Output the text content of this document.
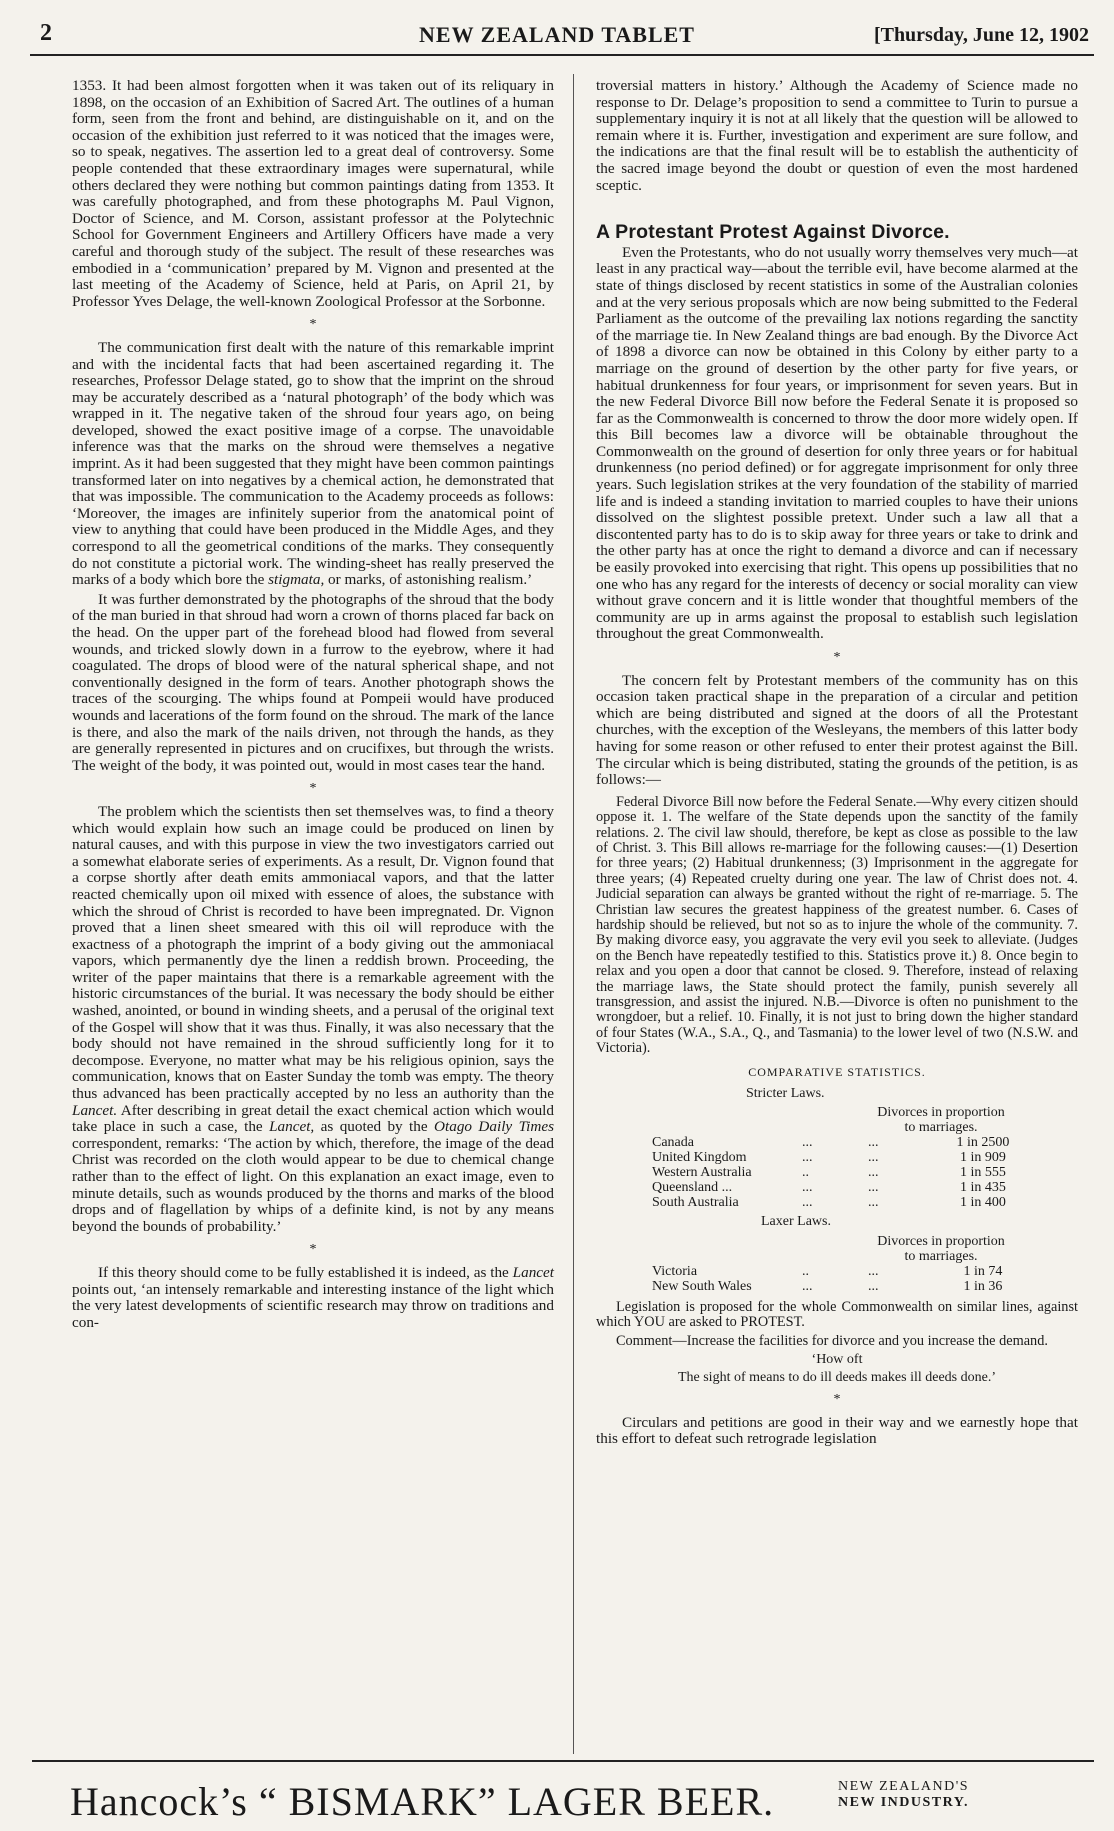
2	NEW ZEALAND TABLET	[Thursday, June 12, 1902

1353. It had been almost forgotten when it was taken out of its reliquary in 1898, on the occasion of an Exhibition of Sacred Art. The outlines of a human form, seen from the front and behind, are distinguishable on it, and on the occasion of the exhibition just referred to it was noticed that the images were, so to speak, negatives. The assertion led to a great deal of controversy. Some people contended that these extraordinary images were supernatural, while others declared they were nothing but common paintings dating from 1353. It was carefully photographed, and from these photographs M. Paul Vignon, Doctor of Science, and M. Corson, assistant professor at the Polytechnic School for Government Engineers and Artillery Officers have made a very careful and thorough study of the subject. The result of these researches was embodied in a ‘communication’ prepared by M. Vignon and presented at the last meeting of the Academy of Science, held at Paris, on April 21, by Professor Yves Delage, the well-known Zoological Professor at the Sorbonne.

*

The communication first dealt with the nature of this remarkable imprint and with the incidental facts that had been ascertained regarding it. The researches, Professor Delage stated, go to show that the imprint on the shroud may be accurately described as a ‘natural photograph’ of the body which was wrapped in it. The negative taken of the shroud four years ago, on being developed, showed the exact positive image of a corpse. The unavoidable inference was that the marks on the shroud were themselves a negative imprint. As it had been suggested that they might have been common paintings transformed later on into negatives by a chemical action, he demonstrated that that was impossible. The communication to the Academy proceeds as follows: ‘Moreover, the images are infinitely superior from the anatomical point of view to anything that could have been produced in the Middle Ages, and they correspond to all the geometrical conditions of the marks. They consequently do not constitute a pictorial work. The winding-sheet has really preserved the marks of a body which bore the stigmata, or marks, of astonishing realism.’

It was further demonstrated by the photographs of the shroud that the body of the man buried in that shroud had worn a crown of thorns placed far back on the head. On the upper part of the forehead blood had flowed from several wounds, and tricked slowly down in a furrow to the eyebrow, where it had coagulated. The drops of blood were of the natural spherical shape, and not conventionally designed in the form of tears. Another photograph shows the traces of the scourging. The whips found at Pompeii would have produced wounds and lacerations of the form found on the shroud. The mark of the lance is there, and also the mark of the nails driven, not through the hands, as they are generally represented in pictures and on crucifixes, but through the wrists. The weight of the body, it was pointed out, would in most cases tear the hand.

*

The problem which the scientists then set themselves was, to find a theory which would explain how such an image could be produced on linen by natural causes, and with this purpose in view the two investigators carried out a somewhat elaborate series of experiments. As a result, Dr. Vignon found that a corpse shortly after death emits ammoniacal vapors, and that the latter reacted chemically upon oil mixed with essence of aloes, the substance with which the shroud of Christ is recorded to have been impregnated. Dr. Vignon proved that a linen sheet smeared with this oil will reproduce with the exactness of a photograph the imprint of a body giving out the ammoniacal vapors, which permanently dye the linen a reddish brown. Proceeding, the writer of the paper maintains that there is a remarkable agreement with the historic circumstances of the burial. It was necessary the body should be either washed, anointed, or bound in winding sheets, and a perusal of the original text of the Gospel will show that it was thus. Finally, it was also necessary that the body should not have remained in the shroud sufficiently long for it to decompose. Everyone, no matter what may be his religious opinion, says the communication, knows that on Easter Sunday the tomb was empty. The theory thus advanced has been practically accepted by no less an authority than the Lancet. After describing in great detail the exact chemical action which would take place in such a case, the Lancet, as quoted by the Otago Daily Times correspondent, remarks: ‘The action by which, therefore, the image of the dead Christ was recorded on the cloth would appear to be due to chemical change rather than to the effect of light. On this explanation an exact image, even to minute details, such as wounds produced by the thorns and marks of the blood drops and of flagellation by whips of a definite kind, is not by any means beyond the bounds of probability.’

*

If this theory should come to be fully established it is indeed, as the Lancet points out, ‘an intensely remarkable and interesting instance of the light which the very latest developments of scientific research may throw on traditions and con-

troversial matters in history.’ Although the Academy of Science made no response to Dr. Delage’s proposition to send a committee to Turin to pursue a supplementary inquiry it is not at all likely that the question will be allowed to remain where it is. Further, investigation and experiment are sure follow, and the indications are that the final result will be to establish the authenticity of the sacred image beyond the doubt or question of even the most hardened sceptic.

A Protestant Protest Against Divorce.

Even the Protestants, who do not usually worry themselves very much—at least in any practical way—about the terrible evil, have become alarmed at the state of things disclosed by recent statistics in some of the Australian colonies and at the very serious proposals which are now being submitted to the Federal Parliament as the outcome of the prevailing lax notions regarding the sanctity of the marriage tie. In New Zealand things are bad enough. By the Divorce Act of 1898 a divorce can now be obtained in this Colony by either party to a marriage on the ground of desertion by the other party for five years, or habitual drunkenness for four years, or imprisonment for seven years. But in the new Federal Divorce Bill now before the Federal Senate it is proposed so far as the Commonwealth is concerned to throw the door more widely open. If this Bill becomes law a divorce will be obtainable throughout the Commonwealth on the ground of desertion for only three years or for habitual drunkenness (no period defined) or for aggregate imprisonment for only three years. Such legislation strikes at the very foundation of the stability of married life and is indeed a standing invitation to married couples to have their unions dissolved on the slightest possible pretext. Under such a law all that a discontented party has to do is to skip away for three years or take to drink and the other party has at once the right to demand a divorce and can if necessary be easily provoked into exercising that right. This opens up possibilities that no one who has any regard for the interests of decency or social morality can view without grave concern and it is little wonder that thoughtful members of the community are up in arms against the proposal to establish such legislation throughout the great Commonwealth.

*

The concern felt by Protestant members of the community has on this occasion taken practical shape in the preparation of a circular and petition which are being distributed and signed at the doors of all the Protestant churches, with the exception of the Wesleyans, the members of this latter body having for some reason or other refused to enter their protest against the Bill. The circular which is being distributed, stating the grounds of the petition, is as follows:—

Federal Divorce Bill now before the Federal Senate.—Why every citizen should oppose it. 1. The welfare of the State depends upon the sanctity of the family relations. 2. The civil law should, therefore, be kept as close as possible to the law of Christ. 3. This Bill allows re-marriage for the following causes:—(1) Desertion for three years; (2) Habitual drunkenness; (3) Imprisonment in the aggregate for three years; (4) Repeated cruelty during one year. The law of Christ does not. 4. Judicial separation can always be granted without the right of re-marriage. 5. The Christian law secures the greatest happiness of the greatest number. 6. Cases of hardship should be relieved, but not so as to injure the whole of the community. 7. By making divorce easy, you aggravate the very evil you seek to alleviate. (Judges on the Bench have repeatedly testified to this. Statistics prove it.) 8. Once begin to relax and you open a door that cannot be closed. 9. Therefore, instead of relaxing the marriage laws, the State should protect the family, punish severely all transgression, and assist the injured. N.B.—Divorce is often no punishment to the wrongdoer, but a relief. 10. Finally, it is not just to bring down the higher standard of four States (W.A., S.A., Q., and Tasmania) to the lower level of two (N.S.W. and Victoria).

COMPARATIVE STATISTICS.
Stricter Laws.
Divorces in proportion
to marriages.
Canada	...	...	1 in 2500
United Kingdom	...	...	1 in 909
Western Australia	..	...	1 in 555
Queensland ...	...	...	1 in 435
South Australia	...	...	1 in 400
Laxer Laws.
Divorces in proportion
to marriages.
Victoria	..	...	1 in 74
New South Wales	...	...	1 in 36

Legislation is proposed for the whole Commonwealth on similar lines, against which YOU are asked to PROTEST.

Comment—Increase the facilities for divorce and you increase the demand.

‘How oft
The sight of means to do ill deeds makes ill deeds done.’
*

Circulars and petitions are good in their way and we earnestly hope that this effort to defeat such retrograde legislation

Hancock’s “ BISMARK” LAGER BEER.	NEW ZEALAND'S
NEW INDUSTRY.
